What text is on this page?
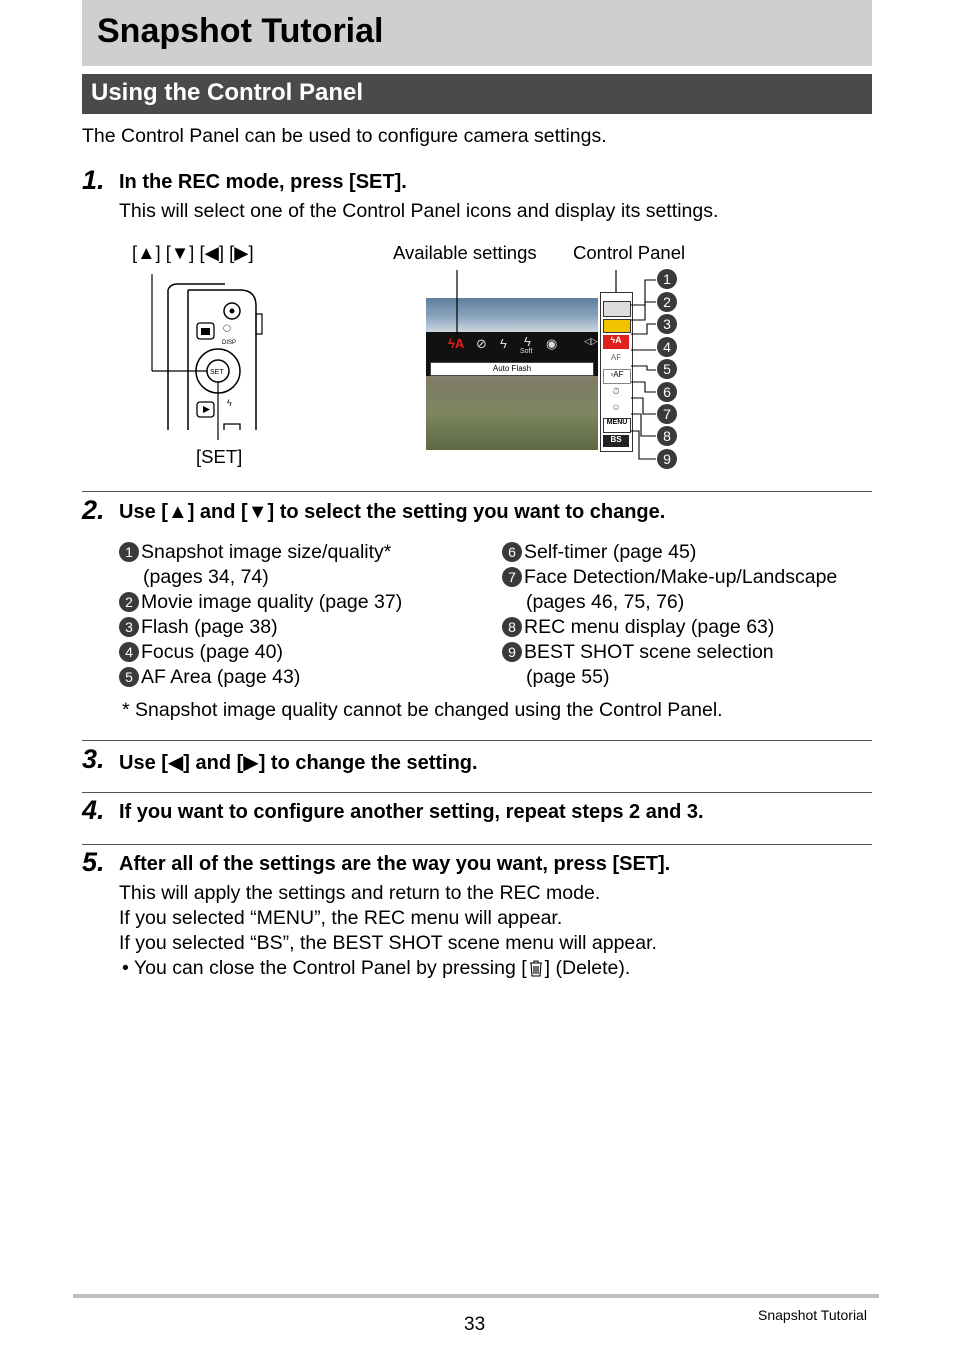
Snapshot Tutorial
Using the Control Panel
The Control Panel can be used to configure camera settings.
1. In the REC mode, press [SET].
This will select one of the Control Panel icons and display its settings.
[▲] [▼] [◀] [▶]
[SET]
Available settings Control Panel
◯
DISP
SET
ϟ
ϟA ⊘ ϟ ϟ
Soft
◉	◁▷
Auto Flash
ϟA
AF
▫AF
⏱
☺
MENU
BS
1
2
3
4
5
6
7
8
9
2. Use [▲] and [▼] to select the setting you want to change.
1 Snapshot image size/quality*
(pages 34, 74)
2 Movie image quality (page 37)
3 Flash (page 38)
4 Focus (page 40)
5 AF Area (page 43)
6 Self-timer (page 45)
7 Face Detection/Make-up/Landscape
(pages 46, 75, 76)
8 REC menu display (page 63)
9 BEST SHOT scene selection
(page 55)
* Snapshot image quality cannot be changed using the Control Panel.
3. Use [◀] and [▶] to change the setting.
4. If you want to configure another setting, repeat steps 2 and 3.
5. After all of the settings are the way you want, press [SET].
This will apply the settings and return to the REC mode.
If you selected “MENU”, the REC menu will appear.
If you selected “BS”, the BEST SHOT scene menu will appear.
• You can close the Control Panel by pressing [ ] (Delete).
33	Snapshot Tutorial
